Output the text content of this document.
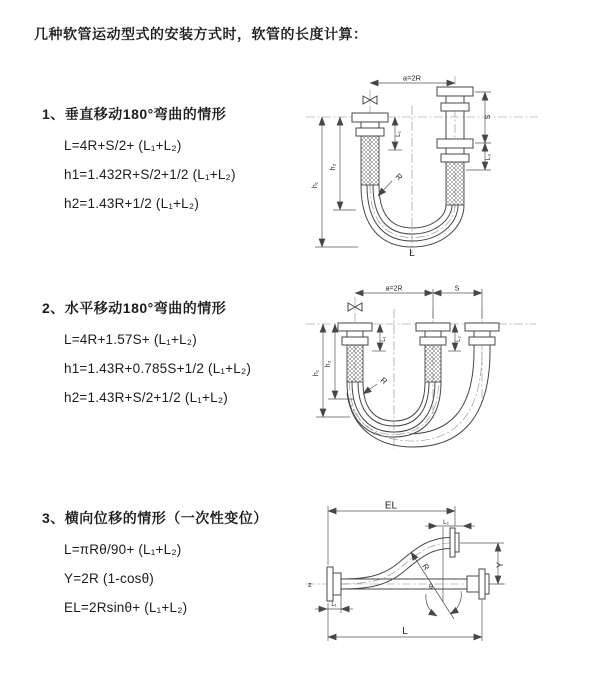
几种软管运动型式的安装方式时，软管的长度计算：
1、垂直移动180°弯曲的情形
L=4R+S/2+ (L₁+L₂)
h1=1.432R+S/2+1/2 (L₁+L₂)
h2=1.43R+1/2 (L₁+L₂)
2、水平移动180°弯曲的情形
L=4R+1.57S+ (L₁+L₂)
h1=1.43R+0.785S+1/2 (L₁+L₂)
h2=1.43R+S/2+1/2 (L₁+L₂)
3、横向位移的情形（一次性变位）
L=πRθ/90+ (L₁+L₂)
Y=2R (1-cosθ)
EL=2Rsinθ+ (L₁+L₂)
a=2R
h₁
h₂
L₁
S
L₂
R
L
a=2R	S
h₁
h₂
L₁	L₂
R
z	θ
R
EL
L₂
Y
L₁
L
